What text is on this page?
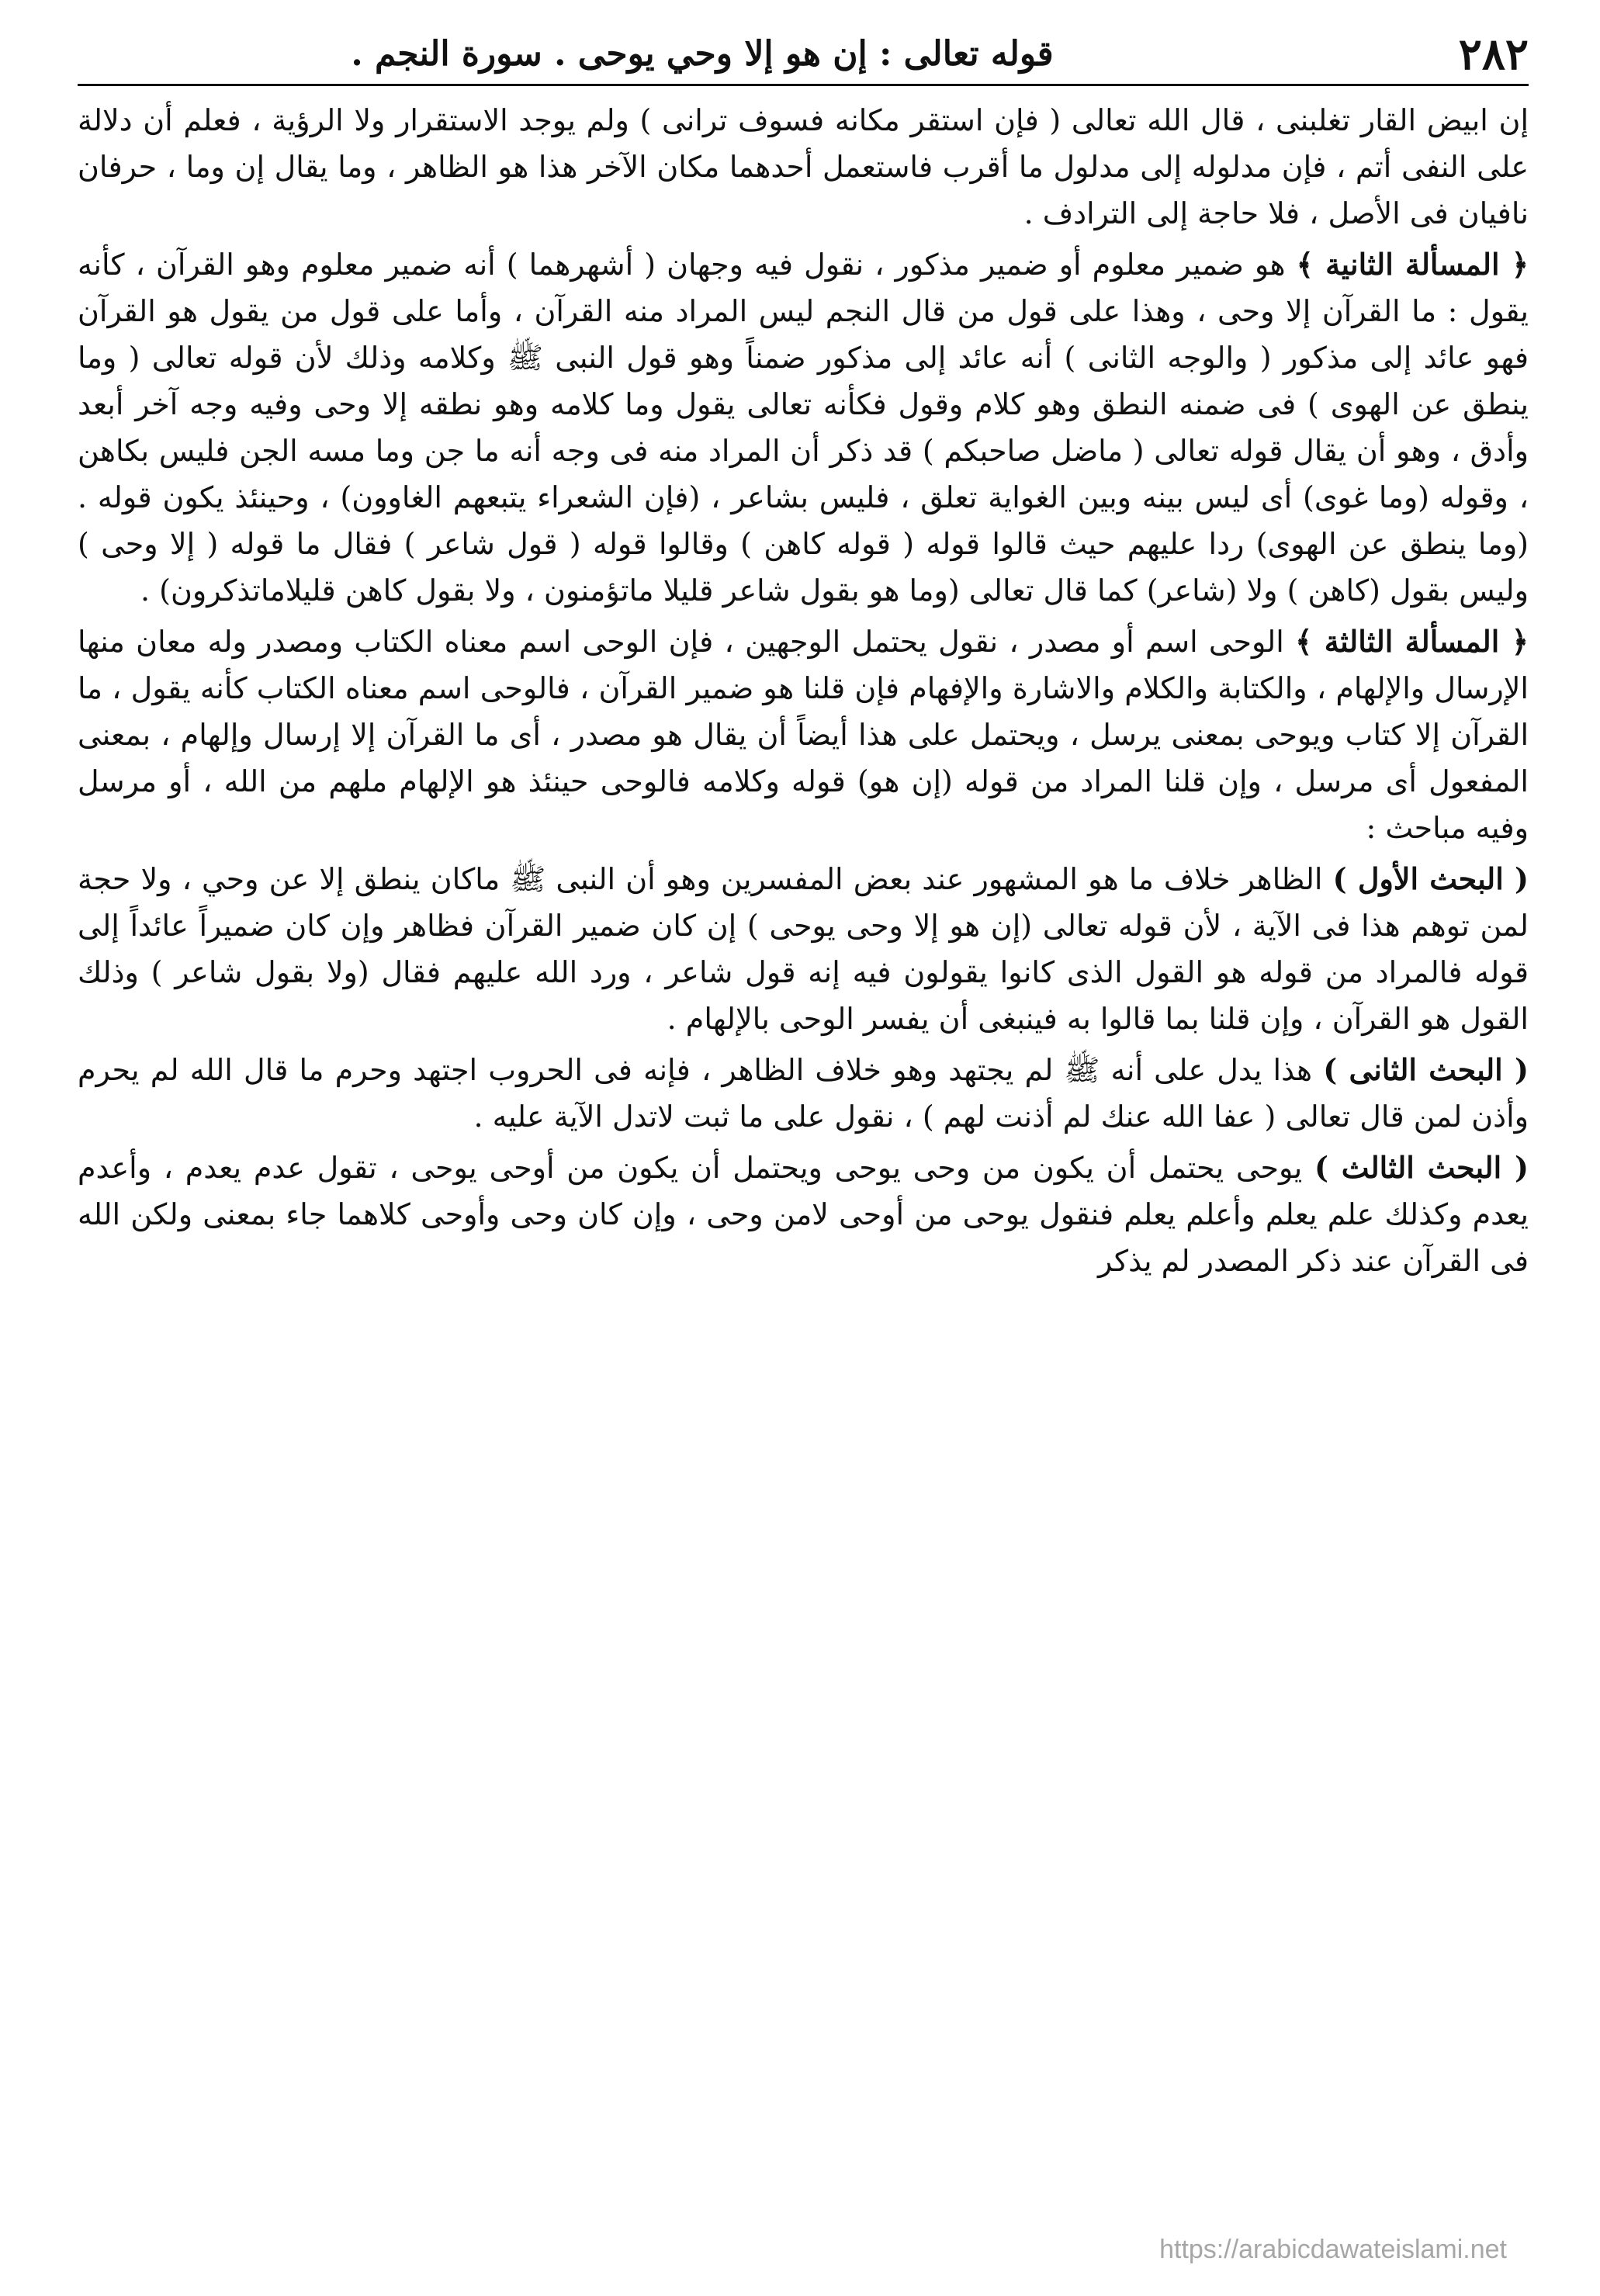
٢٨٢
قوله تعالى : إن هو إلا وحي يوحى . سورة النجم .

إن ابيض القار تغلبنى ، قال الله تعالى ( فإن استقر مكانه فسوف ترانى ) ولم يوجد الاستقرار ولا الرؤية ، فعلم أن دلالة على النفى أتم ، فإن مدلوله إلى مدلول ما أقرب فاستعمل أحدهما مكان الآخر هذا هو الظاهر ، وما يقال إن وما ، حرفان نافيان فى الأصل ، فلا حاجة إلى الترادف .

﴿ المسألة الثانية ﴾ هو ضمير معلوم أو ضمير مذكور ، نقول فيه وجهان ( أشهرهما ) أنه ضمير معلوم وهو القرآن ، كأنه يقول : ما القرآن إلا وحى ، وهذا على قول من قال النجم ليس المراد منه القرآن ، وأما على قول من يقول هو القرآن فهو عائد إلى مذكور ( والوجه الثانى ) أنه عائد إلى مذكور ضمناً وهو قول النبى ﷺ وكلامه وذلك لأن قوله تعالى ( وما ينطق عن الهوى ) فى ضمنه النطق وهو كلام وقول فكأنه تعالى يقول وما كلامه وهو نطقه إلا وحى وفيه وجه آخر أبعد وأدق ، وهو أن يقال قوله تعالى ( ماضل صاحبكم ) قد ذكر أن المراد منه فى وجه أنه ما جن وما مسه الجن فليس بكاهن ، وقوله (وما غوى) أى ليس بينه وبين الغواية تعلق ، فليس بشاعر ، (فإن الشعراء يتبعهم الغاوون) ، وحينئذ يكون قوله . (وما ينطق عن الهوى) ردا عليهم حيث قالوا قوله ( قوله كاهن ) وقالوا قوله ( قول شاعر ) فقال ما قوله ( إلا وحى ) وليس بقول (كاهن ) ولا (شاعر) كما قال تعالى (وما هو بقول شاعر قليلا ماتؤمنون ، ولا بقول كاهن قليلاماتذكرون) .

﴿ المسألة الثالثة ﴾ الوحى اسم أو مصدر ، نقول يحتمل الوجهين ، فإن الوحى اسم معناه الكتاب ومصدر وله معان منها الإرسال والإلهام ، والكتابة والكلام والاشارة والإفهام فإن قلنا هو ضمير القرآن ، فالوحى اسم معناه الكتاب كأنه يقول ، ما القرآن إلا كتاب ويوحى بمعنى يرسل ، ويحتمل على هذا أيضاً أن يقال هو مصدر ، أى ما القرآن إلا إرسال وإلهام ، بمعنى المفعول أى مرسل ، وإن قلنا المراد من قوله (إن هو) قوله وكلامه فالوحى حينئذ هو الإلهام ملهم من الله ، أو مرسل وفيه مباحث :

( البحث الأول ) الظاهر خلاف ما هو المشهور عند بعض المفسرين وهو أن النبى ﷺ ماكان ينطق إلا عن وحي ، ولا حجة لمن توهم هذا فى الآية ، لأن قوله تعالى (إن هو إلا وحى يوحى ) إن كان ضمير القرآن فظاهر وإن كان ضميراً عائداً إلى قوله فالمراد من قوله هو القول الذى كانوا يقولون فيه إنه قول شاعر ، ورد الله عليهم فقال (ولا بقول شاعر ) وذلك القول هو القرآن ، وإن قلنا بما قالوا به فينبغى أن يفسر الوحى بالإلهام .

( البحث الثانى ) هذا يدل على أنه ﷺ لم يجتهد وهو خلاف الظاهر ، فإنه فى الحروب اجتهد وحرم ما قال الله لم يحرم وأذن لمن قال تعالى ( عفا الله عنك لم أذنت لهم ) ، نقول على ما ثبت لاتدل الآية عليه .

( البحث الثالث ) يوحى يحتمل أن يكون من وحى يوحى ويحتمل أن يكون من أوحى يوحى ، تقول عدم يعدم ، وأعدم يعدم وكذلك علم يعلم وأعلم يعلم فنقول يوحى من أوحى لامن وحى ، وإن كان وحى وأوحى كلاهما جاء بمعنى ولكن الله فى القرآن عند ذكر المصدر لم يذكر

https://arabicdawateislami.net
